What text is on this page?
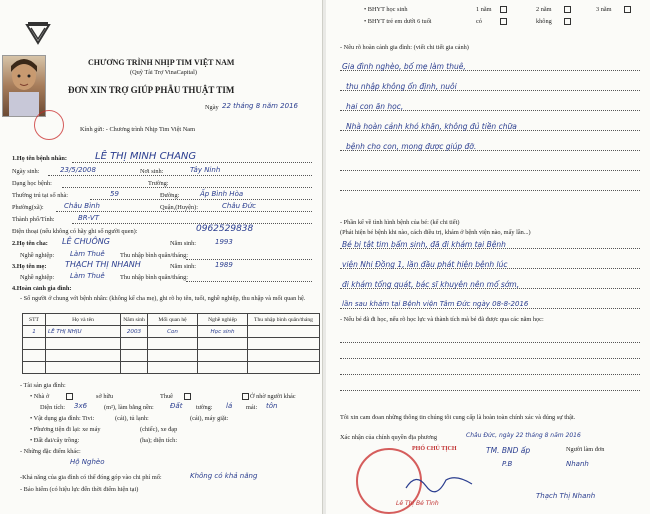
CHƯƠNG TRÌNH NHỊP TIM VIỆT NAM
(Quỹ Tài Trợ VinaCapital)
ĐƠN XIN TRỢ GIÚP PHẪU THUẬT TIM
Ngày 22 tháng 8 năm 2016
Kính gửi: - Chương trình Nhịp Tim Việt Nam
1.Họ tên bệnh nhân:	LÊ THỊ MINH CHANG
Ngày sinh:	23/5/2008	Nơi sinh:	Tây Ninh
Dạng học bệnh:	Trường:
Thường trú tại số nhà:	59	Đường:	Ấp Bình Hòa
Phường(xã):	Châu Bình	Quận,(Huyện):	Châu Đức
Thành phố/Tỉnh:	BR-VT
Điện thoại (nếu không có hãy ghi số người quen):	0962529838
2.Họ tên cha: LÊ CHUÔNG	Năm sinh:	1993
Nghề nghiệp: Làm Thuê Thu nhập bình quân/tháng:
3.Họ tên mẹ: THẠCH THỊ NHANH	Năm sinh:	1989
Nghề nghiệp: Làm Thuê Thu nhập bình quân/tháng:
4.Hoàn cảnh gia đình:
- Số người ở chung với bệnh nhân: (không kể cha mẹ), ghi rõ họ tên, tuổi, nghề nghiệp, thu nhập và mối quan hệ.
STT	Họ và tên	Năm sinh	Mối quan hệ	Nghề nghiệp	Thu nhập bình quân/tháng
1	LÊ THỊ NHỊU	2003	Con	Học sinh	

- Tài sản gia đình:
• Nhà ở	sở hữu	Thuê	Ở nhờ người khác
Diện tích: 3x6	(m²), làm bằng nền: Đất tường: lá mái: tôn
• Vật dụng gia đình: Tivi:	(cái), tủ lạnh:	(cái), máy giặt:
• Phương tiện đi lại: xe máy	(chiếc), xe đạp
• Đất đai/cây trồng:	(ha); diện tích:
- Những đặc điểm khác:
Hộ Nghèo
-Khả năng của gia đình có thể đóng góp vào chi phí mổ:	Không có khả năng
- Bảo hiểm (có hiệu lực đến thời điểm hiện tại)
• BHYT học sinh	1 năm	2 năm	3 năm
• BHYT trẻ em dưới 6 tuổi	có	không
- Nêu rõ hoàn cảnh gia đình: (viết chi tiết gia cảnh)
Gia đình nghèo, bố mẹ làm thuê,
thu nhập không ổn định, nuôi
hai con ăn học,
Nhà hoàn cảnh khó khăn, không đủ tiền chữa
bệnh cho con, mong được giúp đỡ.
- Phần kể về tình hình bệnh của bé: (kể chi tiết)
(Phát hiện bé bệnh khi nào, cách điều trị, khám ở bệnh viện nào, mấy lần...)
Bé bị tật tim bẩm sinh, đã đi khám tại Bệnh
viện Nhi Đồng 1, lần đầu phát hiện bệnh lúc
đi khám tổng quát, bác sĩ khuyên nên mổ sớm,
lần sau khám tại Bệnh viện Tâm Đức ngày 08-8-2016
- Nếu bé đã đi học, nếu rõ học lực và thành tích mà bé đã được qua các năm học:
Tôi xin cam đoan những thông tin chúng tôi cung cấp là hoàn toàn chính xác và đúng sự thật.
Xác nhận của chính quyền địa phương	Châu Đức, ngày 22 tháng 8 năm 2016
Người làm đơn
PHÓ CHỦ TỊCH
Lê Thị Bé Tình
TM. BND ấp
P.B	Nhanh
Thạch Thị Nhanh
